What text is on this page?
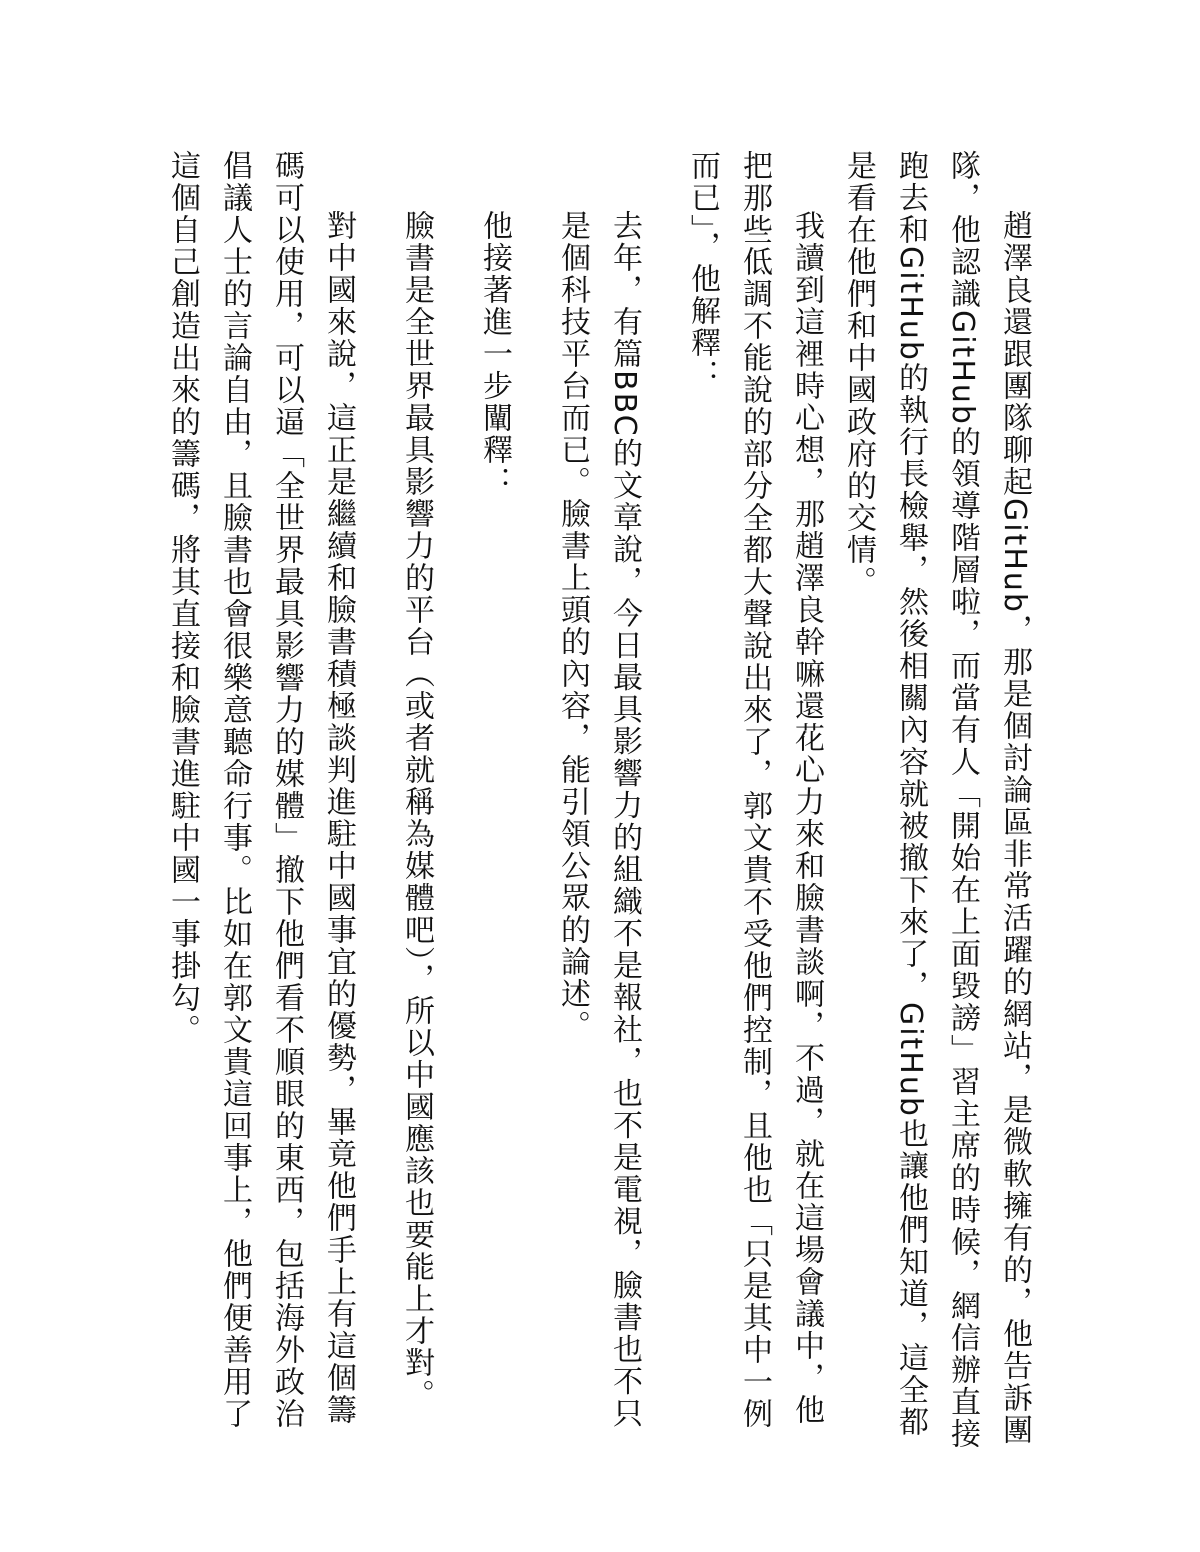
趙澤良還跟團隊聊起GitHub，那是個討論區非常活躍的網站，是微軟擁有的，他告訴團隊，他認識GitHub的領導階層啦，而當有人「開始在上面毀謗」習主席的時候，網信辦直接跑去和GitHub的執行長檢舉，然後相關內容就被撤下來了，GitHub也讓他們知道，這全都是看在他們和中國政府的交情。

我讀到這裡時心想，那趙澤良幹嘛還花心力來和臉書談啊，不過，就在這場會議中，他把那些低調不能說的部分全都大聲說出來了，郭文貴不受他們控制，且他也「只是其中一例而已」，他解釋：

去年，有篇BBC的文章說，今日最具影響力的組織不是報社，也不是電視，臉書也不只是個科技平台而已。臉書上頭的內容，能引領公眾的論述。

他接著進一步闡釋：

臉書是全世界最具影響力的平台（或者就稱為媒體吧），所以中國應該也要能上才對。

對中國來說，這正是繼續和臉書積極談判進駐中國事宜的優勢，畢竟他們手上有這個籌碼可以使用，可以逼「全世界最具影響力的媒體」撤下他們看不順眼的東西，包括海外政治倡議人士的言論自由，且臉書也會很樂意聽命行事。比如在郭文貴這回事上，他們便善用了這個自己創造出來的籌碼，將其直接和臉書進駐中國一事掛勾。
